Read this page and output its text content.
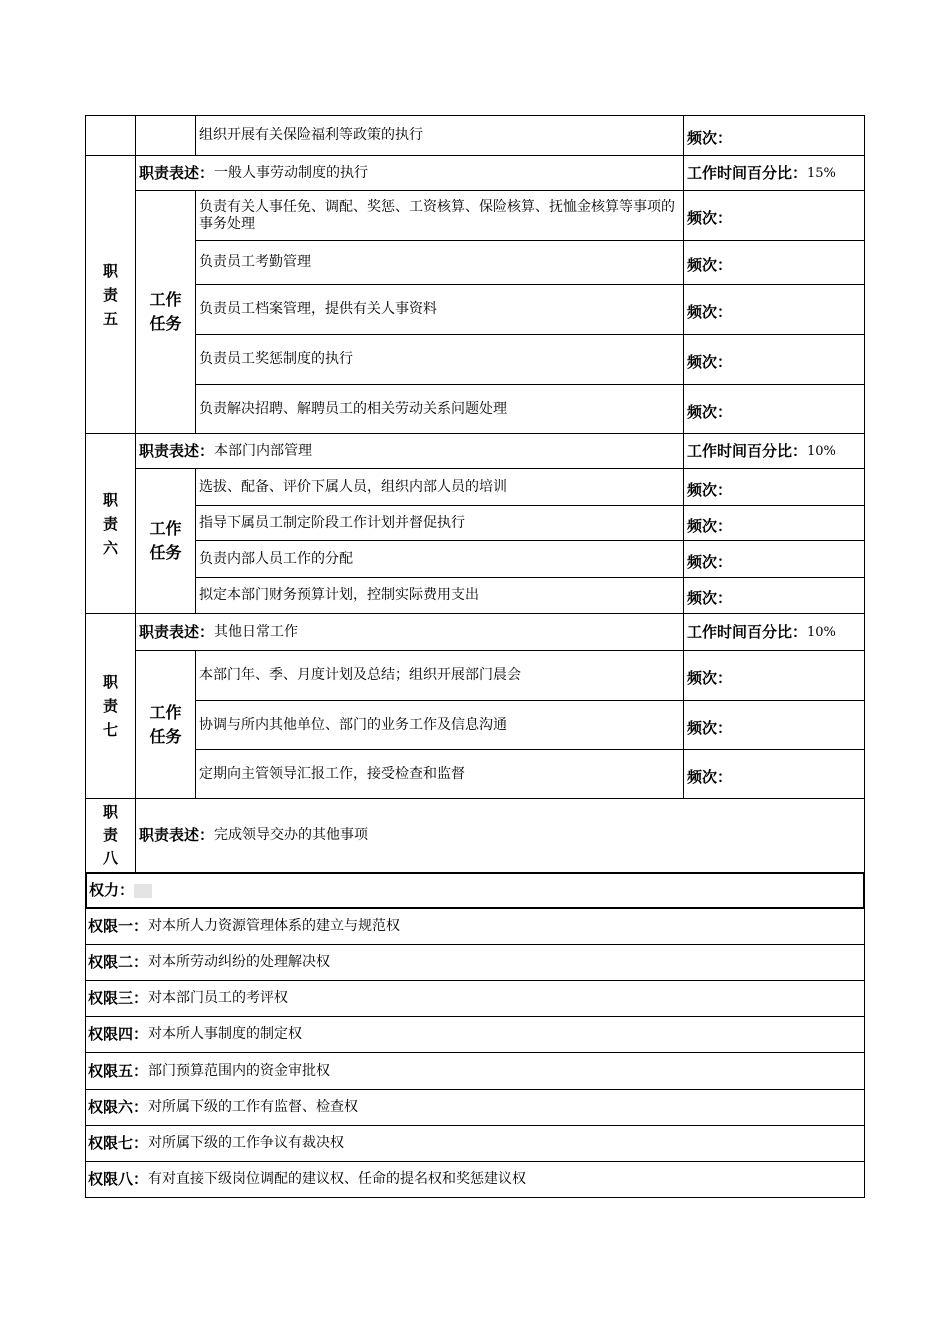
组织开展有关保险福利等政策的执行	频次：
职
责
五
职责表述： 一般人事劳动制度的执行	工作时间百分比： 15%
工作
任务
负责有关人事任免、调配、奖惩、工资核算、保险核算、抚恤金核算等事项的事务处理	频次：
负责员工考勤管理	频次：
负责员工档案管理，提供有关人事资料	频次：
负责员工奖惩制度的执行	频次：
负责解决招聘、解聘员工的相关劳动关系问题处理	频次：
职
责
六
职责表述： 本部门内部管理	工作时间百分比： 10%
工作
任务
选拔、配备、评价下属人员，组织内部人员的培训	频次：
指导下属员工制定阶段工作计划并督促执行	频次：
负责内部人员工作的分配	频次：
拟定本部门财务预算计划，控制实际费用支出	频次：
职
责
七
职责表述： 其他日常工作	工作时间百分比： 10%
工作
任务
本部门年、季、月度计划及总结；组织开展部门晨会	频次：
协调与所内其他单位、部门的业务工作及信息沟通	频次：
定期向主管领导汇报工作，接受检查和监督	频次：
职
责
八
职责表述： 完成领导交办的其他事项
权力：
权限一： 对本所人力资源管理体系的建立与规范权
权限二： 对本所劳动纠纷的处理解决权
权限三： 对本部门员工的考评权
权限四： 对本所人事制度的制定权
权限五： 部门预算范围内的资金审批权
权限六： 对所属下级的工作有监督、检查权
权限七： 对所属下级的工作争议有裁决权
权限八： 有对直接下级岗位调配的建议权、任命的提名权和奖惩建议权
